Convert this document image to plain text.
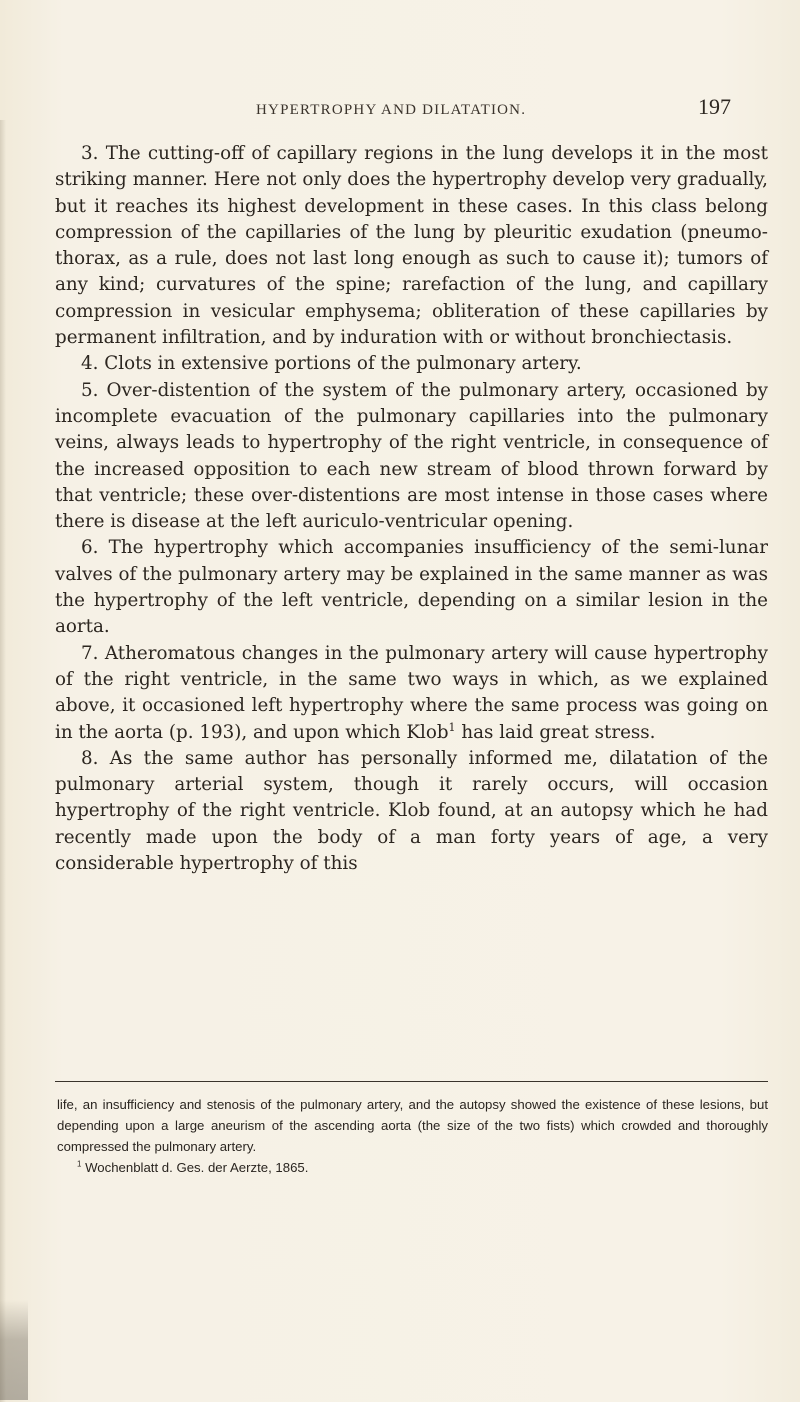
HYPERTROPHY AND DILATATION.	197

3. The cutting-off of capillary regions in the lung develops it in the most striking manner. Here not only does the hypertrophy develop very gradually, but it reaches its highest development in these cases. In this class belong compression of the capillaries of the lung by pleuritic exudation (pneumo-thorax, as a rule, does not last long enough as such to cause it); tumors of any kind; curvatures of the spine; rarefaction of the lung, and capillary compression in vesicular emphysema; obliteration of these capillaries by permanent infiltration, and by induration with or without bronchiectasis.

4. Clots in extensive portions of the pulmonary artery.

5. Over-distention of the system of the pulmonary artery, occasioned by incomplete evacuation of the pulmonary capillaries into the pulmonary veins, always leads to hypertrophy of the right ventricle, in consequence of the increased opposition to each new stream of blood thrown forward by that ventricle; these over-distentions are most intense in those cases where there is disease at the left auriculo-ventricular opening.

6. The hypertrophy which accompanies insufficiency of the semi-lunar valves of the pulmonary artery may be explained in the same manner as was the hypertrophy of the left ventricle, depending on a similar lesion in the aorta.

7. Atheromatous changes in the pulmonary artery will cause hypertrophy of the right ventricle, in the same two ways in which, as we explained above, it occasioned left hypertrophy where the same process was going on in the aorta (p. 193), and upon which Klob$^1$ has laid great stress.

8. As the same author has personally informed me, dilatation of the pulmonary arterial system, though it rarely occurs, will occasion hypertrophy of the right ventricle. Klob found, at an autopsy which he had recently made upon the body of a man forty years of age, a very considerable hypertrophy of this

life, an insufficiency and stenosis of the pulmonary artery, and the autopsy showed the existence of these lesions, but depending upon a large aneurism of the ascending aorta (the size of the two fists) which crowded and thoroughly compressed the pulmonary artery.

$^1$ Wochenblatt d. Ges. der Aerzte, 1865.
